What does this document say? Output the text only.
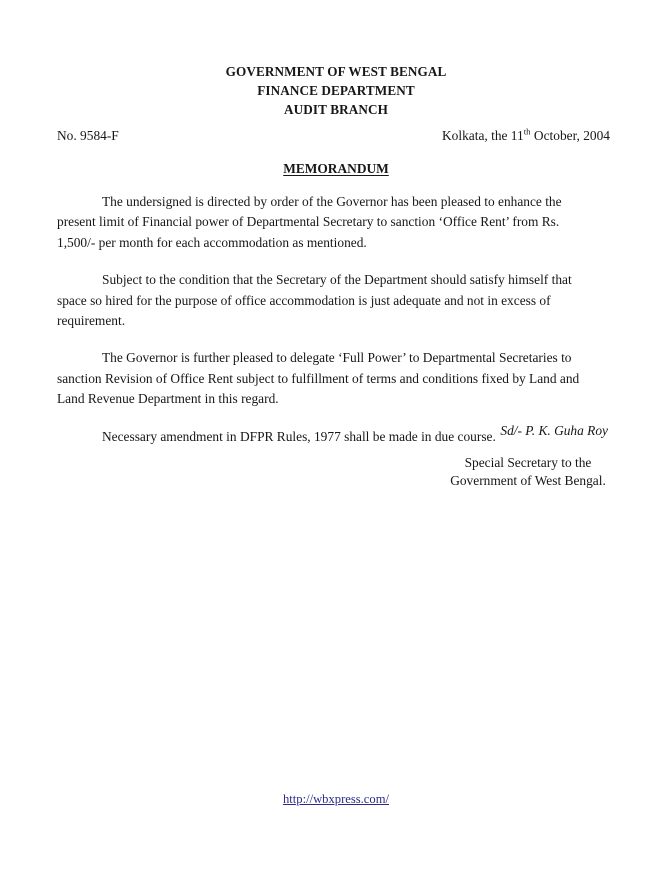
GOVERNMENT OF WEST BENGAL
FINANCE DEPARTMENT
AUDIT BRANCH
No. 9584-F	Kolkata, the 11th October, 2004
MEMORANDUM

The undersigned is directed by order of the Governor has been pleased to enhance the present limit of Financial power of Departmental Secretary to sanction ‘Office Rent’ from Rs. 1,500/- per month for each accommodation as mentioned.

Subject to the condition that the Secretary of the Department should satisfy himself that space so hired for the purpose of office accommodation is just adequate and not in excess of requirement.

The Governor is further pleased to delegate ‘Full Power’ to Departmental Secretaries to sanction Revision of Office Rent subject to fulfillment of terms and conditions fixed by Land and Land Revenue Department in this regard.

Necessary amendment in DFPR Rules, 1977 shall be made in due course. Sd/- P. K. Guha Roy
Special Secretary to the
Government of West Bengal.
http://wbxpress.com/
